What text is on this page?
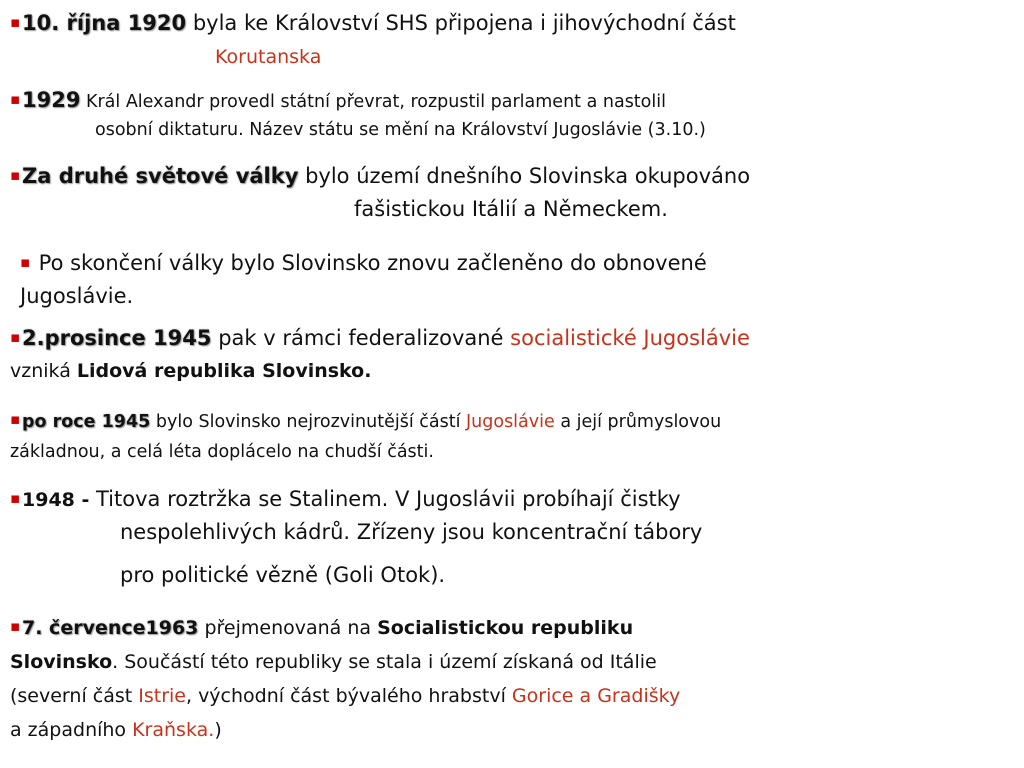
▪10. října 1920 byla ke Království SHS připojena i jihovýchodní část
Korutanska
▪1929 Král Alexandr provedl státní převrat, rozpustil parlament a nastolil
osobní diktaturu. Název státu se mění na Království Jugoslávie (3.10.)
▪Za druhé světové války bylo území dnešního Slovinska okupováno
fašistickou Itálií a Německem.
▪ Po skončení války bylo Slovinsko znovu začleněno do obnovené
Jugoslávie.
▪2.prosince 1945 pak v rámci federalizované socialistické Jugoslávie
vzniká Lidová republika Slovinsko.
▪ po roce 1945 bylo Slovinsko nejrozvinutější částí Jugoslávie a její průmyslovou
základnou, a celá léta doplácelo na chudší části.
▪1948 - Titova roztržka se Stalinem. V Jugoslávii probíhají čistky
nespolehlivých kádrů. Zřízeny jsou koncentrační tábory
pro politické vězně (Goli Otok).
▪7. července1963 přejmenovaná na Socialistickou republiku
Slovinsko. Součástí této republiky se stala i území získaná od Itálie
(severní část Istrie, východní část bývalého hrabství Gorice a Gradišky
a západního Kraňska.)
